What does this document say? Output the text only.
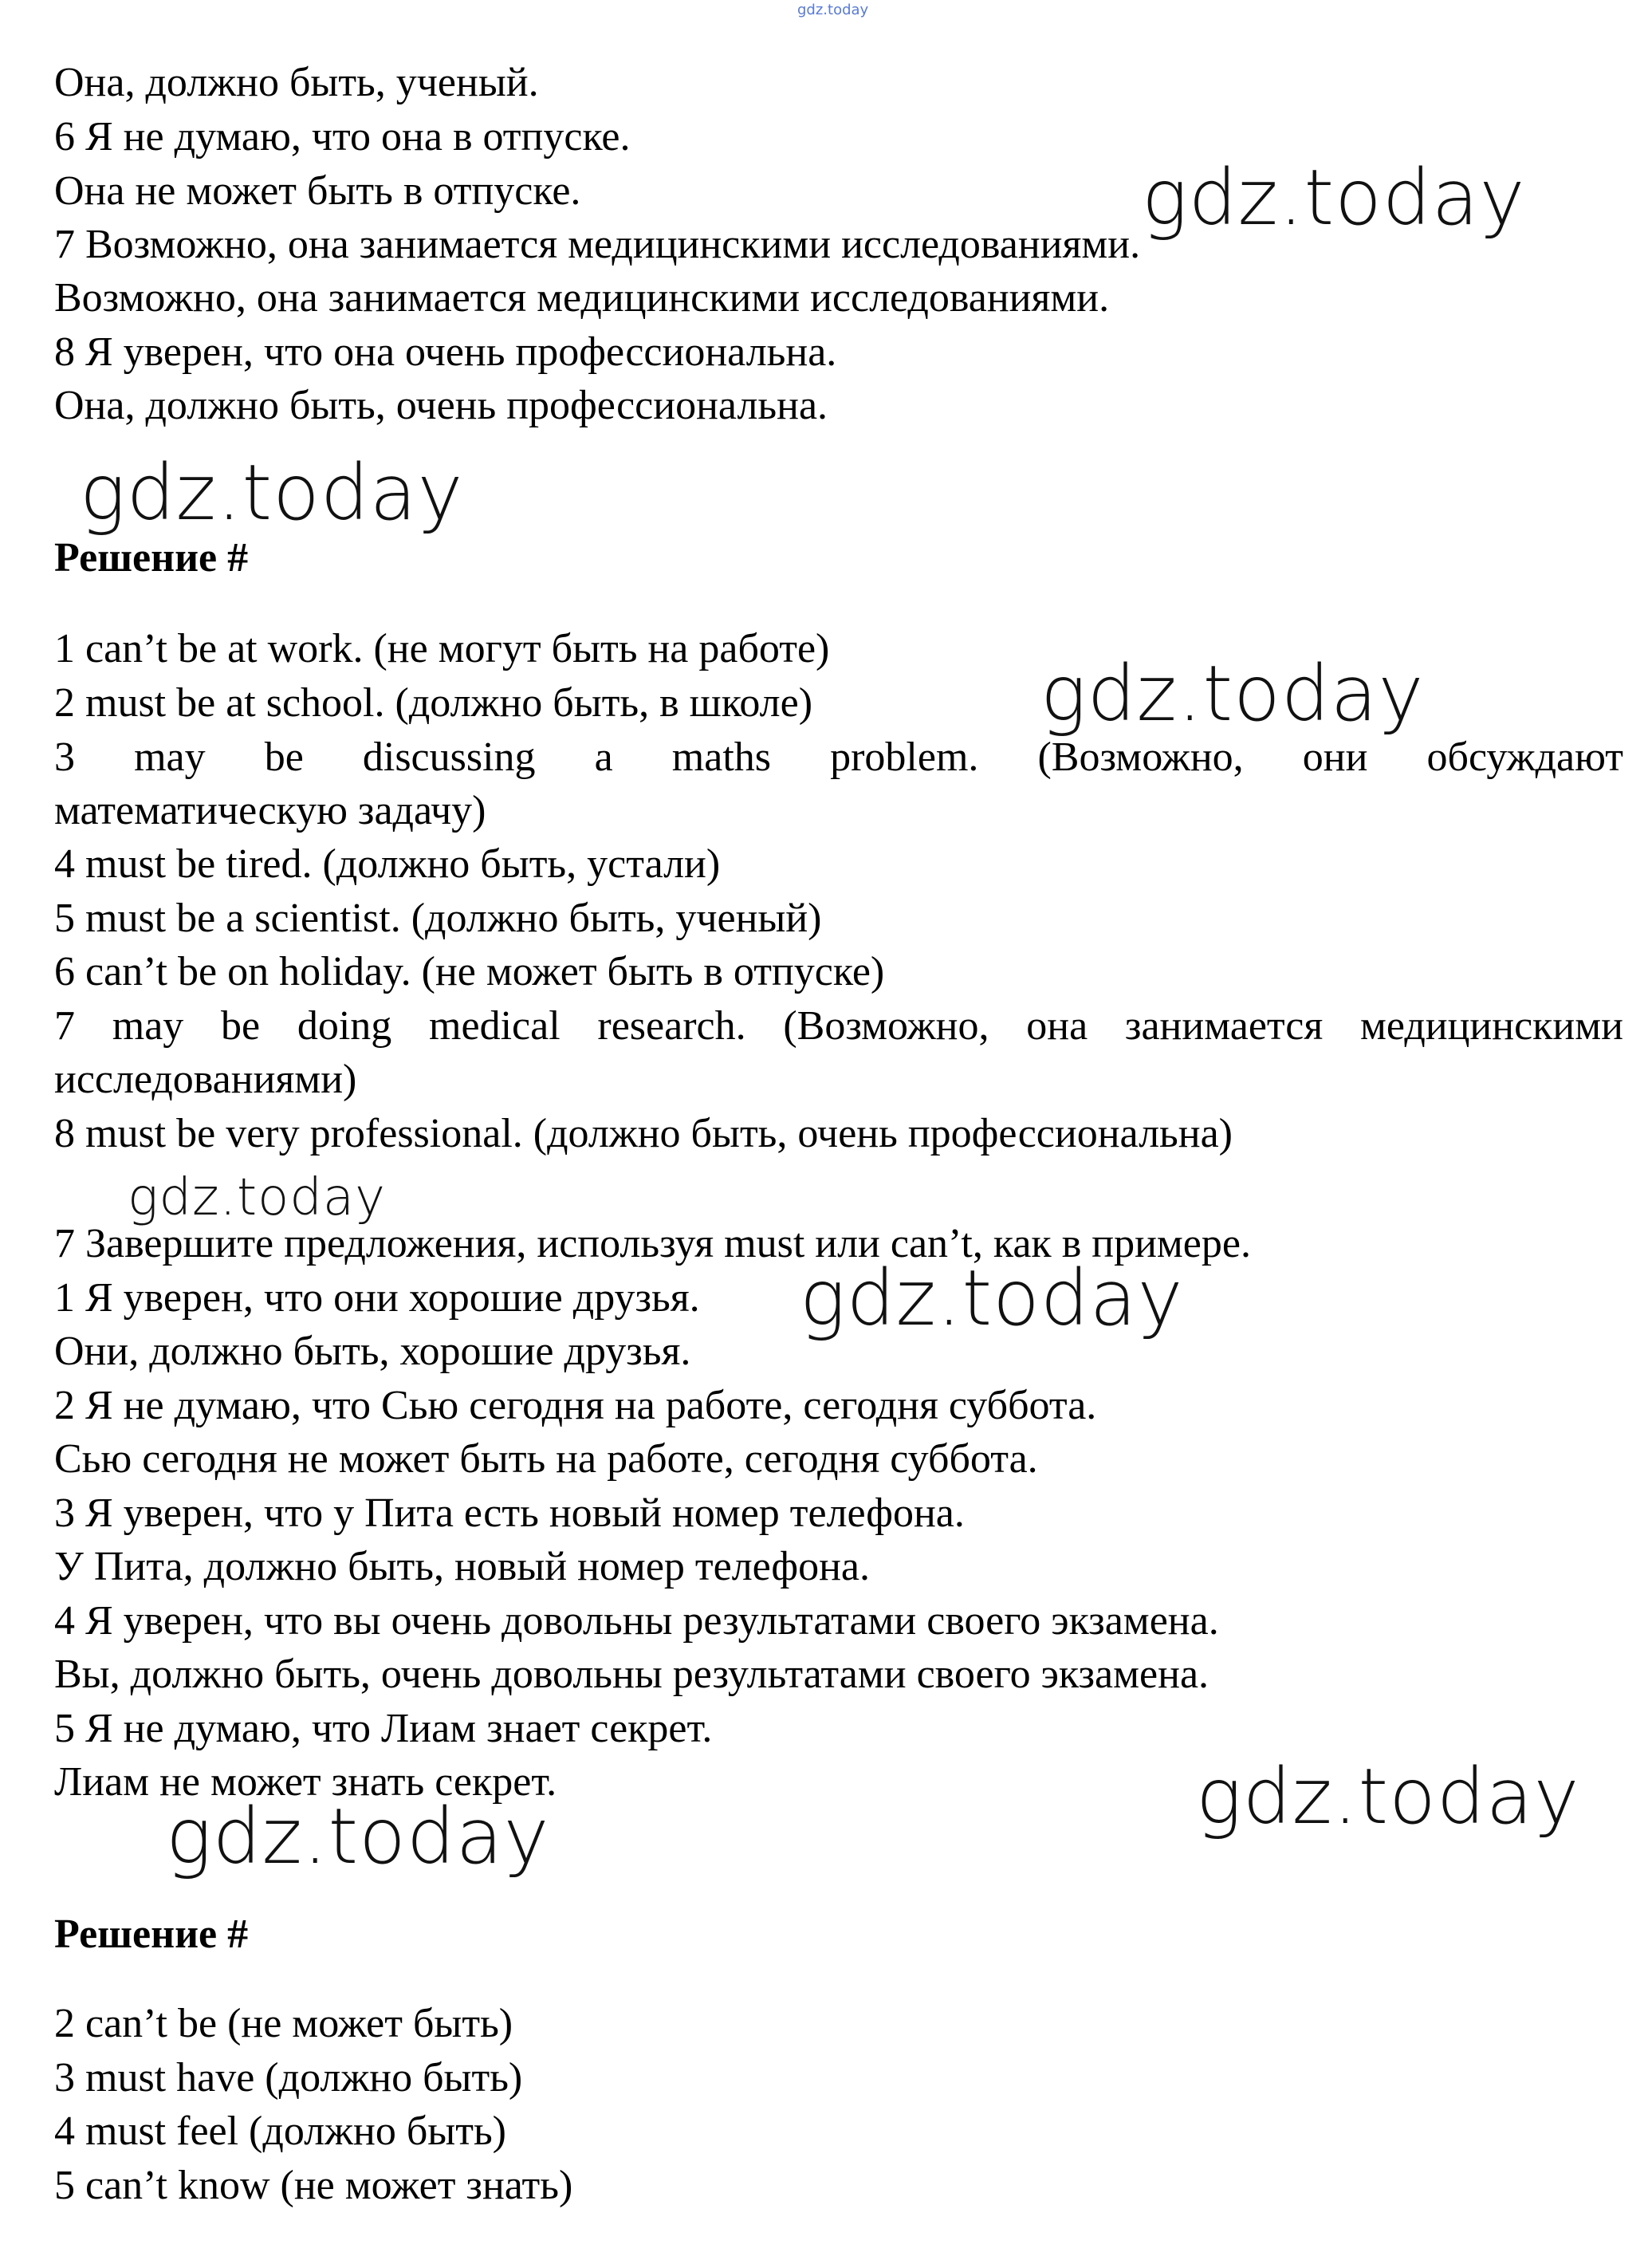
gdz.today
Она, должно быть, ученый.
6 Я не думаю, что она в отпуске.
Она не может быть в отпуске.
7 Возможно, она занимается медицинскими исследованиями.
Возможно, она занимается медицинскими исследованиями.
8 Я уверен, что она очень профессиональна.
Она, должно быть, очень профессиональна.
Решение #
1 can’t be at work. (не могут быть на работе)
2 must be at school. (должно быть, в школе)
3 may be discussing a maths problem. (Возможно, они обсуждают
математическую задачу)
4 must be tired. (должно быть, устали)
5 must be a scientist. (должно быть, ученый)
6 can’t be on holiday. (не может быть в отпуске)
7 may be doing medical research. (Возможно, она занимается медицинскими
исследованиями)
8 must be very professional. (должно быть, очень профессиональна)
7 Завершите предложения, используя must или can’t, как в примере.
1 Я уверен, что они хорошие друзья.
Они, должно быть, хорошие друзья.
2 Я не думаю, что Сью сегодня на работе, сегодня суббота.
Сью сегодня не может быть на работе, сегодня суббота.
3 Я уверен, что у Пита есть новый номер телефона.
У Пита, должно быть, новый номер телефона.
4 Я уверен, что вы очень довольны результатами своего экзамена.
Вы, должно быть, очень довольны результатами своего экзамена.
5 Я не думаю, что Лиам знает секрет.
Лиам не может знать секрет.
Решение #
2 can’t be (не может быть)
3 must have (должно быть)
4 must feel (должно быть)
5 can’t know (не может знать)
gdz.today
gdz.today
gdz.today
gdz.today
gdz.today
gdz.today
gdz.today
